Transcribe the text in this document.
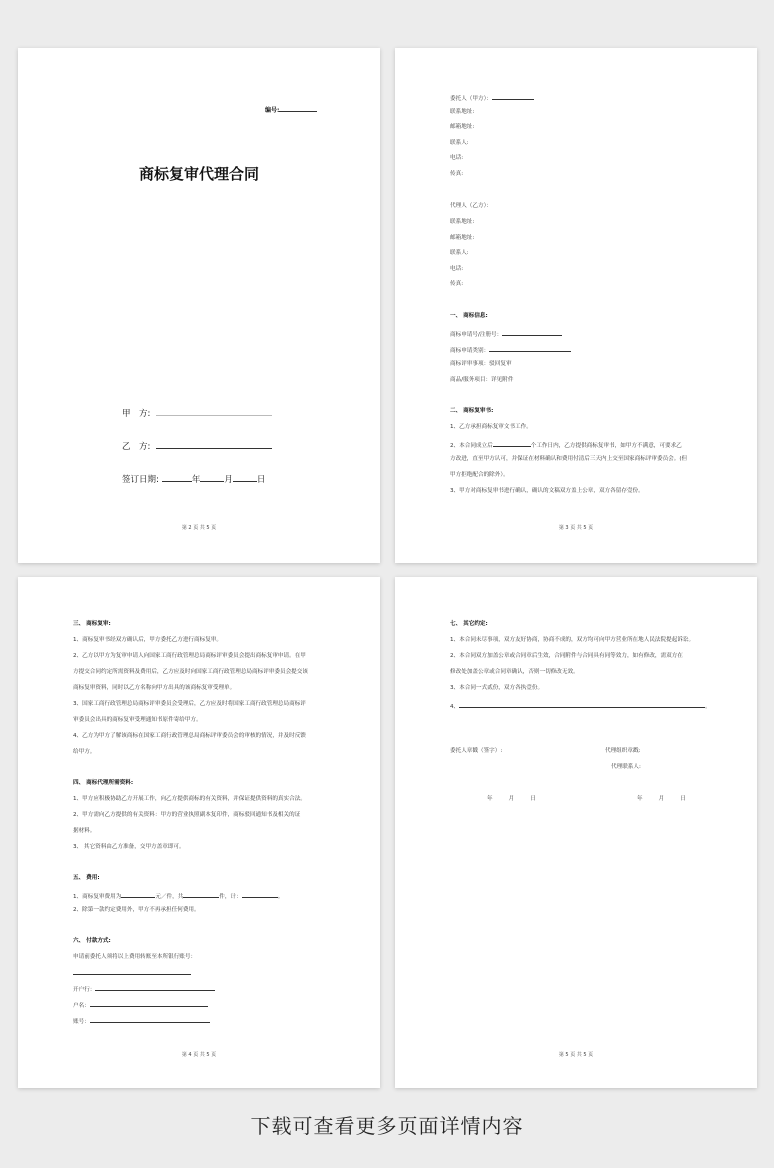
编号:
商标复审代理合同
甲　方:
乙　方:
签订日期:	年	月	日
第 2 页 共 5 页
委托人（甲方）：
联系地址:
邮箱地址:
联系人:
电话:
传真:
代理人（乙方）：
联系地址:
邮箱地址:
联系人:
电话:
传真:
一、 商标信息:
商标申请号/注册号：
商标申请类别：
商标评审事项：驳回复审
商品/服务项目：详见附件
二、 商标复审书:
1、乙方承担商标复审文书工作。
2、本合同成立后	个工作日内，乙方提供商标复审书，如甲方不满意，可要求乙
方改进，直至甲方认可，并保证在材料确认和费用付清后三天内上交至国家商标评审委员会。(但
甲方拒绝配合的除外）。
3、甲方对商标复审书进行确认，确认的文稿双方盖上公章，双方各留存壹份。
第 3 页 共 5 页
三、 商标复审:
1、商标复审书经双方确认后，甲方委托乙方进行商标复审。
2、乙方以甲方为复审申请人向国家工商行政管理总局商标评审委员会提出商标复审申请。在甲
方提交合同约定所需资料及费用后，乙方应及时向国家工商行政管理总局商标评审委员会提交该
商标复审资料，同时以乙方名称向甲方出具的该商标复审受理单。
3、国家工商行政管理总局商标评审委员会受理后，乙方应及时将国家工商行政管理总局商标评
审委员会出具的商标复审受理通知书原件寄给甲方。
4、乙方为甲方了解该商标在国家工商行政管理总局商标评审委员会的审核的情况，并及时反馈
给甲方。
四、 商标代理所需资料:
1、甲方应积极协助乙方开展工作，向乙方提供商标的有关资料，并保证提供资料的真实合法。
2、甲方需向乙方提供的有关资料：甲方的营业执照副本复印件，商标驳回通知书及相关的证
据材料。
3、 其它资料由乙方准备，交甲方盖章即可。
五、 费用:
1、商标复审费用为	元／件，共	件，计：	。
2、除第一款约定费用外，甲方不再承担任何费用。
六、 付款方式:
申请前委托人须将以上费用转账至本所银行账号：
开户行：
户名：
账号：
第 4 页 共 5 页
七、 其它约定:
1、本合同未尽事项，双方友好协商，协商不成的，双方均可向甲方营业所在地人民法院提起诉讼。
2、本合同双方加盖公章或合同章后生效，合同附件与合同具有同等效力，如有修改，需双方在
修改处加盖公章或合同章确认，否则一切修改无效。
3、本合同一式贰份，双方各执壹份。
4、	。
委托人章戳（签字）:	代理组织章戳:
代理联系人:
年	月	日	年	月	日
第 5 页 共 5 页
下载可查看更多页面详情内容
